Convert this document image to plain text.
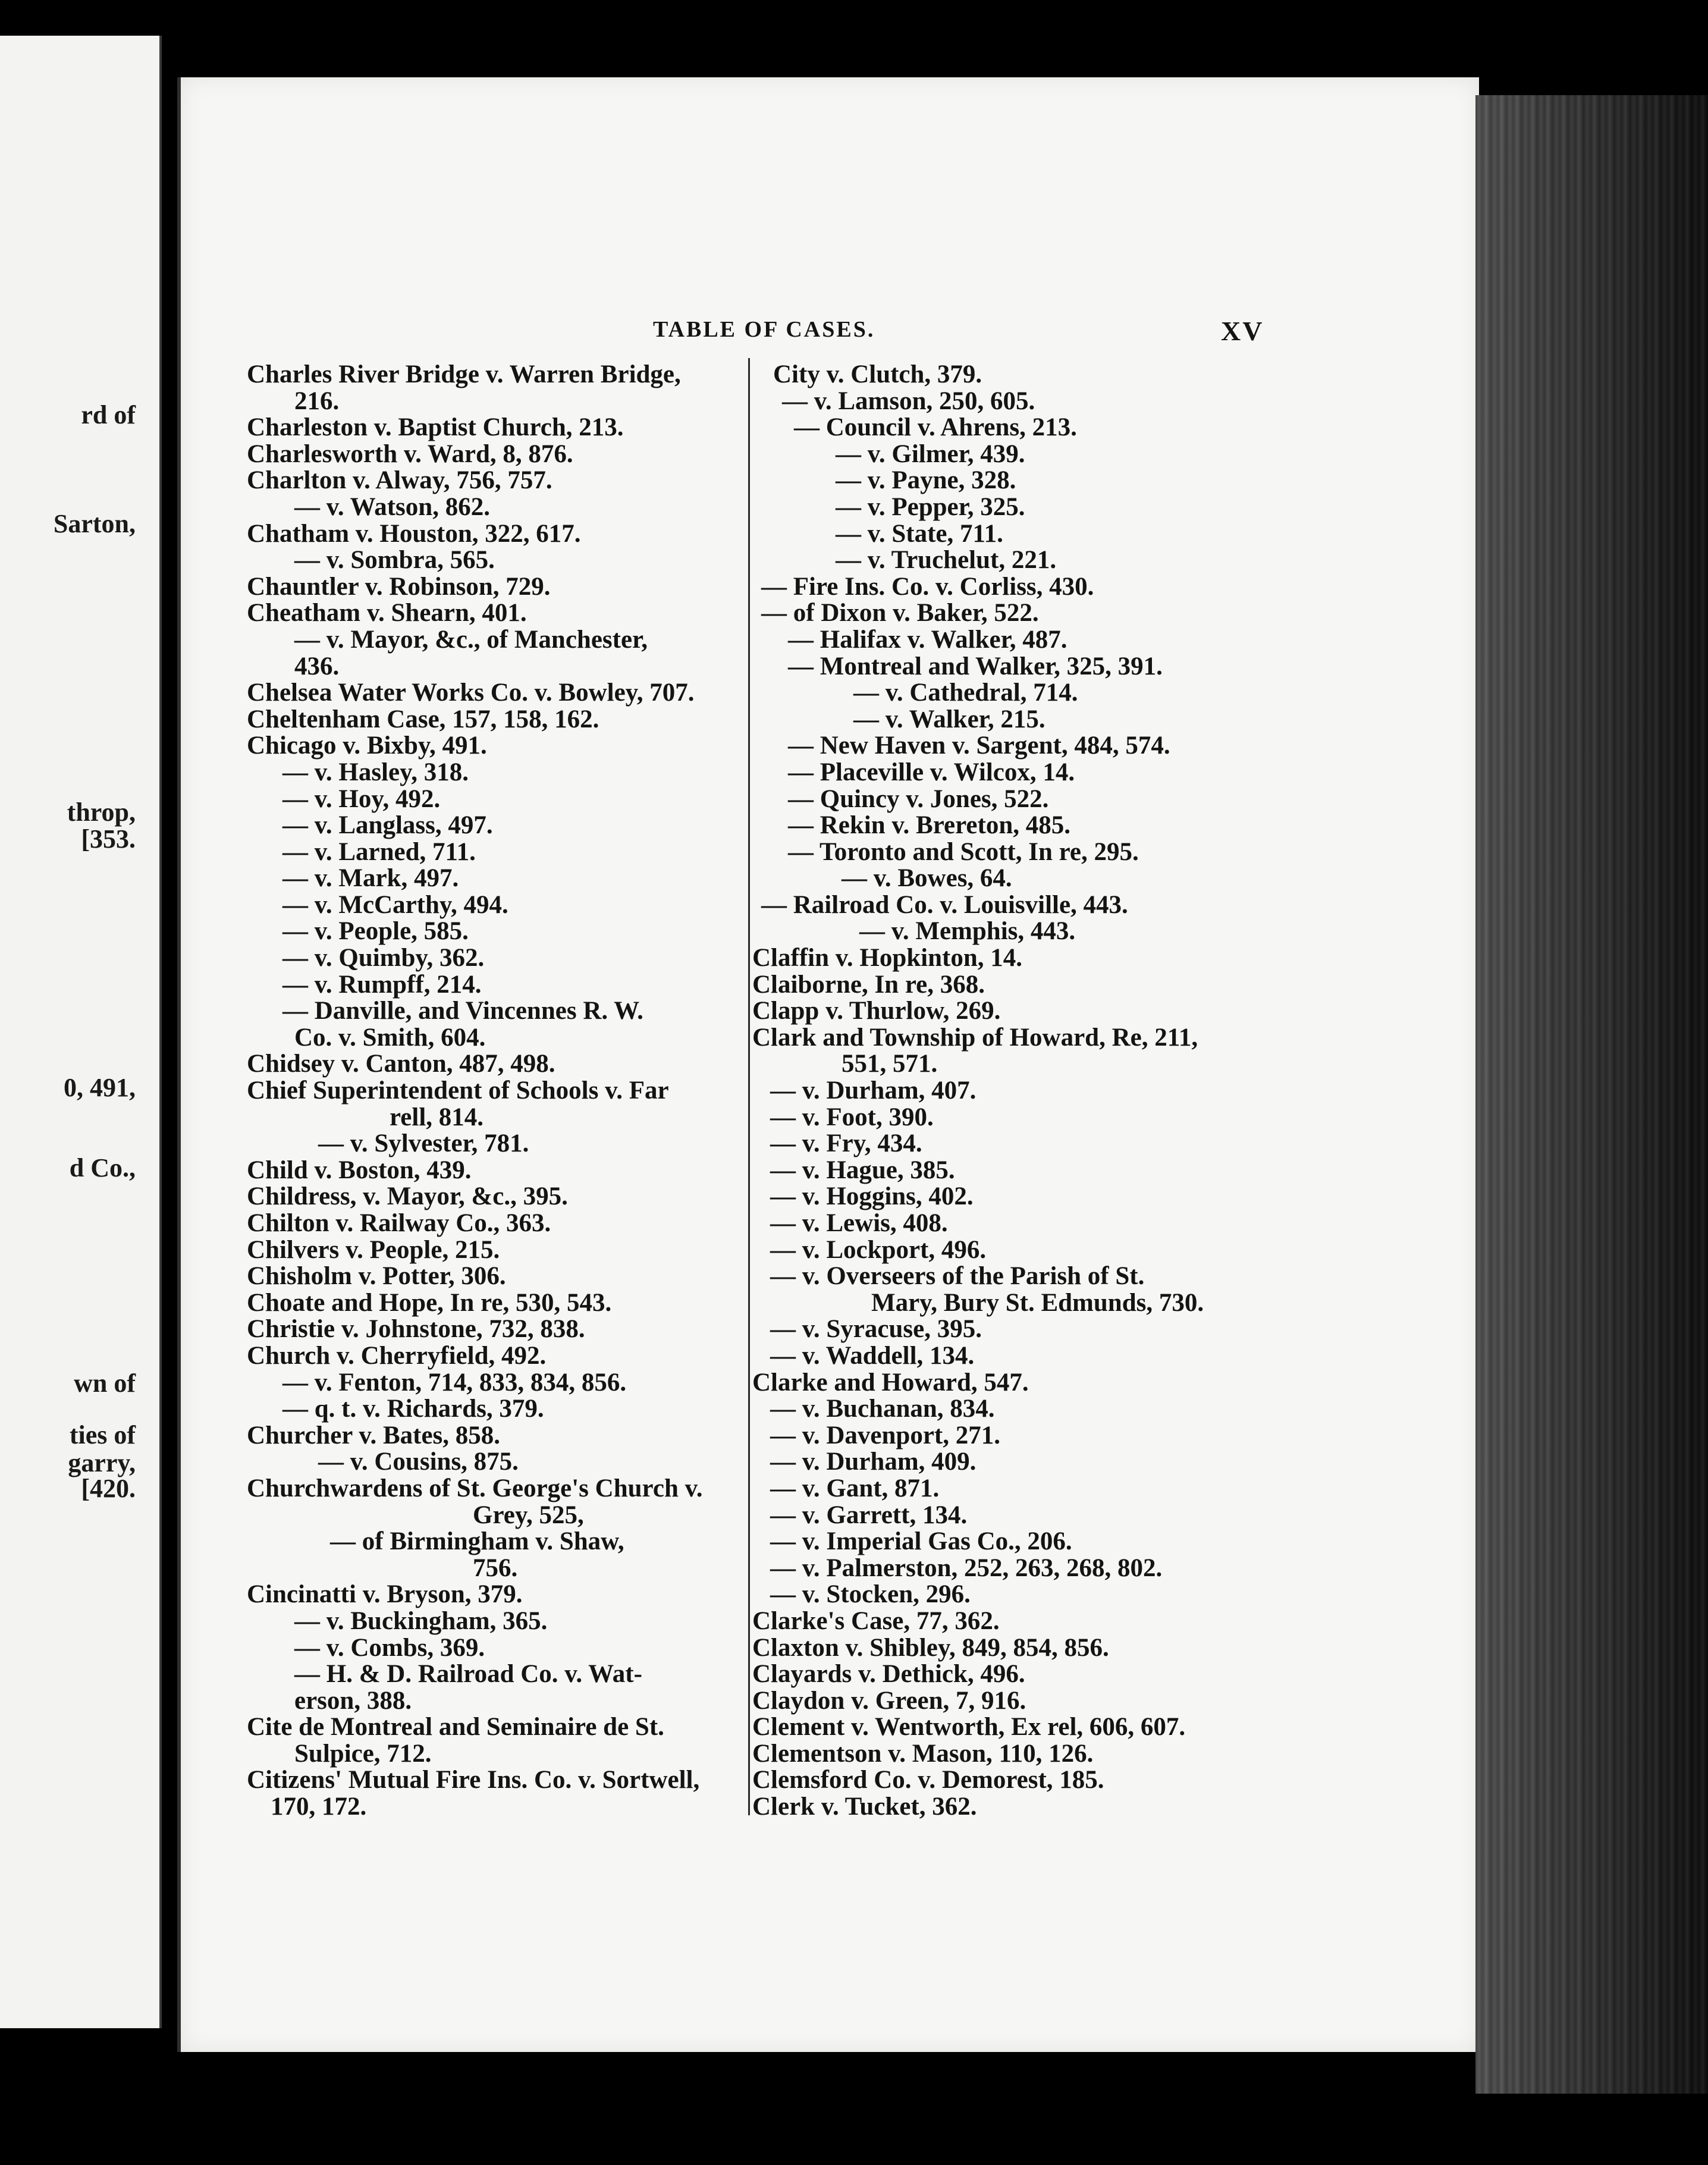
rd of
Sarton,
throp,
[353.
0, 491,
d Co.,
wn of
ties of
garry,
[420.
TABLE OF CASES.	XV
Charles River Bridge v. Warren Bridge,
216.
Charleston v. Baptist Church, 213.
Charlesworth v. Ward, 8, 876.
Charlton v. Alway, 756, 757.
— v. Watson, 862.
Chatham v. Houston, 322, 617.
— v. Sombra, 565.
Chauntler v. Robinson, 729.
Cheatham v. Shearn, 401.
— v. Mayor, &c., of Manchester,
436.
Chelsea Water Works Co. v. Bowley, 707.
Cheltenham Case, 157, 158, 162.
Chicago v. Bixby, 491.
— v. Hasley, 318.
— v. Hoy, 492.
— v. Langlass, 497.
— v. Larned, 711.
— v. Mark, 497.
— v. McCarthy, 494.
— v. People, 585.
— v. Quimby, 362.
— v. Rumpff, 214.
— Danville, and Vincennes R. W.
Co. v. Smith, 604.
Chidsey v. Canton, 487, 498.
Chief Superintendent of Schools v. Far
rell, 814.
— v. Sylvester, 781.
Child v. Boston, 439.
Childress, v. Mayor, &c., 395.
Chilton v. Railway Co., 363.
Chilvers v. People, 215.
Chisholm v. Potter, 306.
Choate and Hope, In re, 530, 543.
Christie v. Johnstone, 732, 838.
Church v. Cherryfield, 492.
— v. Fenton, 714, 833, 834, 856.
— q. t. v. Richards, 379.
Churcher v. Bates, 858.
— v. Cousins, 875.
Churchwardens of St. George's Church v.
Grey, 525,
— of Birmingham v. Shaw,
756.
Cincinatti v. Bryson, 379.
— v. Buckingham, 365.
— v. Combs, 369.
— H. & D. Railroad Co. v. Wat-
erson, 388.
Cite de Montreal and Seminaire de St.
Sulpice, 712.
Citizens' Mutual Fire Ins. Co. v. Sortwell,
170, 172.
City v. Clutch, 379.
— v. Lamson, 250, 605.
— Council v. Ahrens, 213.
— v. Gilmer, 439.
— v. Payne, 328.
— v. Pepper, 325.
— v. State, 711.
— v. Truchelut, 221.
— Fire Ins. Co. v. Corliss, 430.
— of Dixon v. Baker, 522.
— Halifax v. Walker, 487.
— Montreal and Walker, 325, 391.
— v. Cathedral, 714.
— v. Walker, 215.
— New Haven v. Sargent, 484, 574.
— Placeville v. Wilcox, 14.
— Quincy v. Jones, 522.
— Rekin v. Brereton, 485.
— Toronto and Scott, In re, 295.
— v. Bowes, 64.
— Railroad Co. v. Louisville, 443.
— v. Memphis, 443.
Claffin v. Hopkinton, 14.
Claiborne, In re, 368.
Clapp v. Thurlow, 269.
Clark and Township of Howard, Re, 211,
551, 571.
— v. Durham, 407.
— v. Foot, 390.
— v. Fry, 434.
— v. Hague, 385.
— v. Hoggins, 402.
— v. Lewis, 408.
— v. Lockport, 496.
— v. Overseers of the Parish of St.
Mary, Bury St. Edmunds, 730.
— v. Syracuse, 395.
— v. Waddell, 134.
Clarke and Howard, 547.
— v. Buchanan, 834.
— v. Davenport, 271.
— v. Durham, 409.
— v. Gant, 871.
— v. Garrett, 134.
— v. Imperial Gas Co., 206.
— v. Palmerston, 252, 263, 268, 802.
— v. Stocken, 296.
Clarke's Case, 77, 362.
Claxton v. Shibley, 849, 854, 856.
Clayards v. Dethick, 496.
Claydon v. Green, 7, 916.
Clement v. Wentworth, Ex rel, 606, 607.
Clementson v. Mason, 110, 126.
Clemsford Co. v. Demorest, 185.
Clerk v. Tucket, 362.
